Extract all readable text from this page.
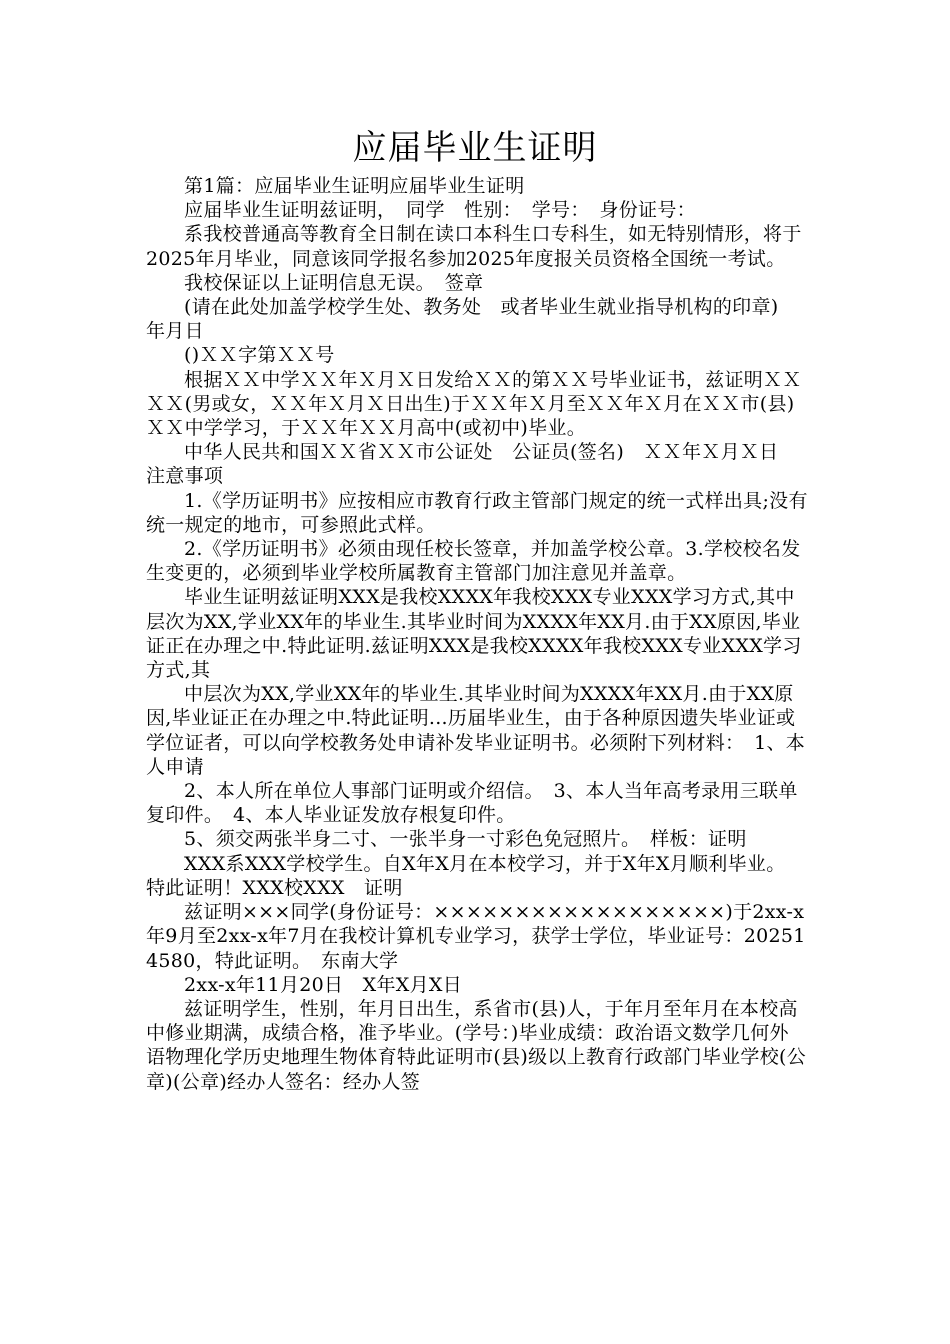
应届毕业生证明

第1篇：应届毕业生证明应届毕业生证明

应届毕业生证明兹证明，　同学　性别：　学号：　身份证号：

系我校普通高等教育全日制在读口本科生口专科生，如无特别情形，将于2025年月毕业，同意该同学报名参加2025年度报关员资格全国统一考试。

我校保证以上证明信息无误。　签章

(请在此处加盖学校学生处、教务处　或者毕业生就业指导机构的印章)　年月日

()ＸＸ字第ＸＸ号

根据ＸＸ中学ＸＸ年Ｘ月Ｘ日发给ＸＸ的第ＸＸ号毕业证书，兹证明ＸＸＸＸ(男或女，ＸＸ年Ｘ月Ｘ日出生)于ＸＸ年Ｘ月至ＸＸ年Ｘ月在ＸＸ市(县)ＸＸ中学学习，于ＸＸ年ＸＸ月高中(或初中)毕业。

中华人民共和国ＸＸ省ＸＸ市公证处　公证员(签名)　ＸＸ年Ｘ月Ｘ日　注意事项

1.《学历证明书》应按相应市教育行政主管部门规定的统一式样出具;没有统一规定的地市，可参照此式样。

2.《学历证明书》必须由现任校长签章，并加盖学校公章。3.学校校名发生变更的，必须到毕业学校所属教育主管部门加注意见并盖章。

毕业生证明兹证明XXX是我校XXXX年我校XXX专业XXX学习方式,其中层次为XX,学业XX年的毕业生.其毕业时间为XXXX年XX月.由于XX原因,毕业证正在办理之中.特此证明.兹证明XXX是我校XXXX年我校XXX专业XXX学习方式,其

中层次为XX,学业XX年的毕业生.其毕业时间为XXXX年XX月.由于XX原因,毕业证正在办理之中.特此证明...历届毕业生，由于各种原因遗失毕业证或学位证者，可以向学校教务处申请补发毕业证明书。必须附下列材料：　1、本人申请

2、本人所在单位人事部门证明或介绍信。　3、本人当年高考录用三联单复印件。　4、本人毕业证发放存根复印件。

5、须交两张半身二寸、一张半身一寸彩色免冠照片。　样板：证明

XXX系XXX学校学生。自X年X月在本校学习，并于X年X月顺利毕业。　特此证明！XXX校XXX　证明

兹证明×××同学(身份证号：××××××××××××××××××)于2xx-x年9月至2xx-x年7月在我校计算机专业学习，获学士学位，毕业证号：202514580，特此证明。　东南大学

2xx-x年11月20日　X年X月X日

兹证明学生，性别，年月日出生，系省市(县)人，于年月至年月在本校高中修业期满，成绩合格，准予毕业。(学号：)毕业成绩：政治语文数学几何外语物理化学历史地理生物体育特此证明市(县)级以上教育行政部门毕业学校(公章)(公章)经办人签名：经办人签
